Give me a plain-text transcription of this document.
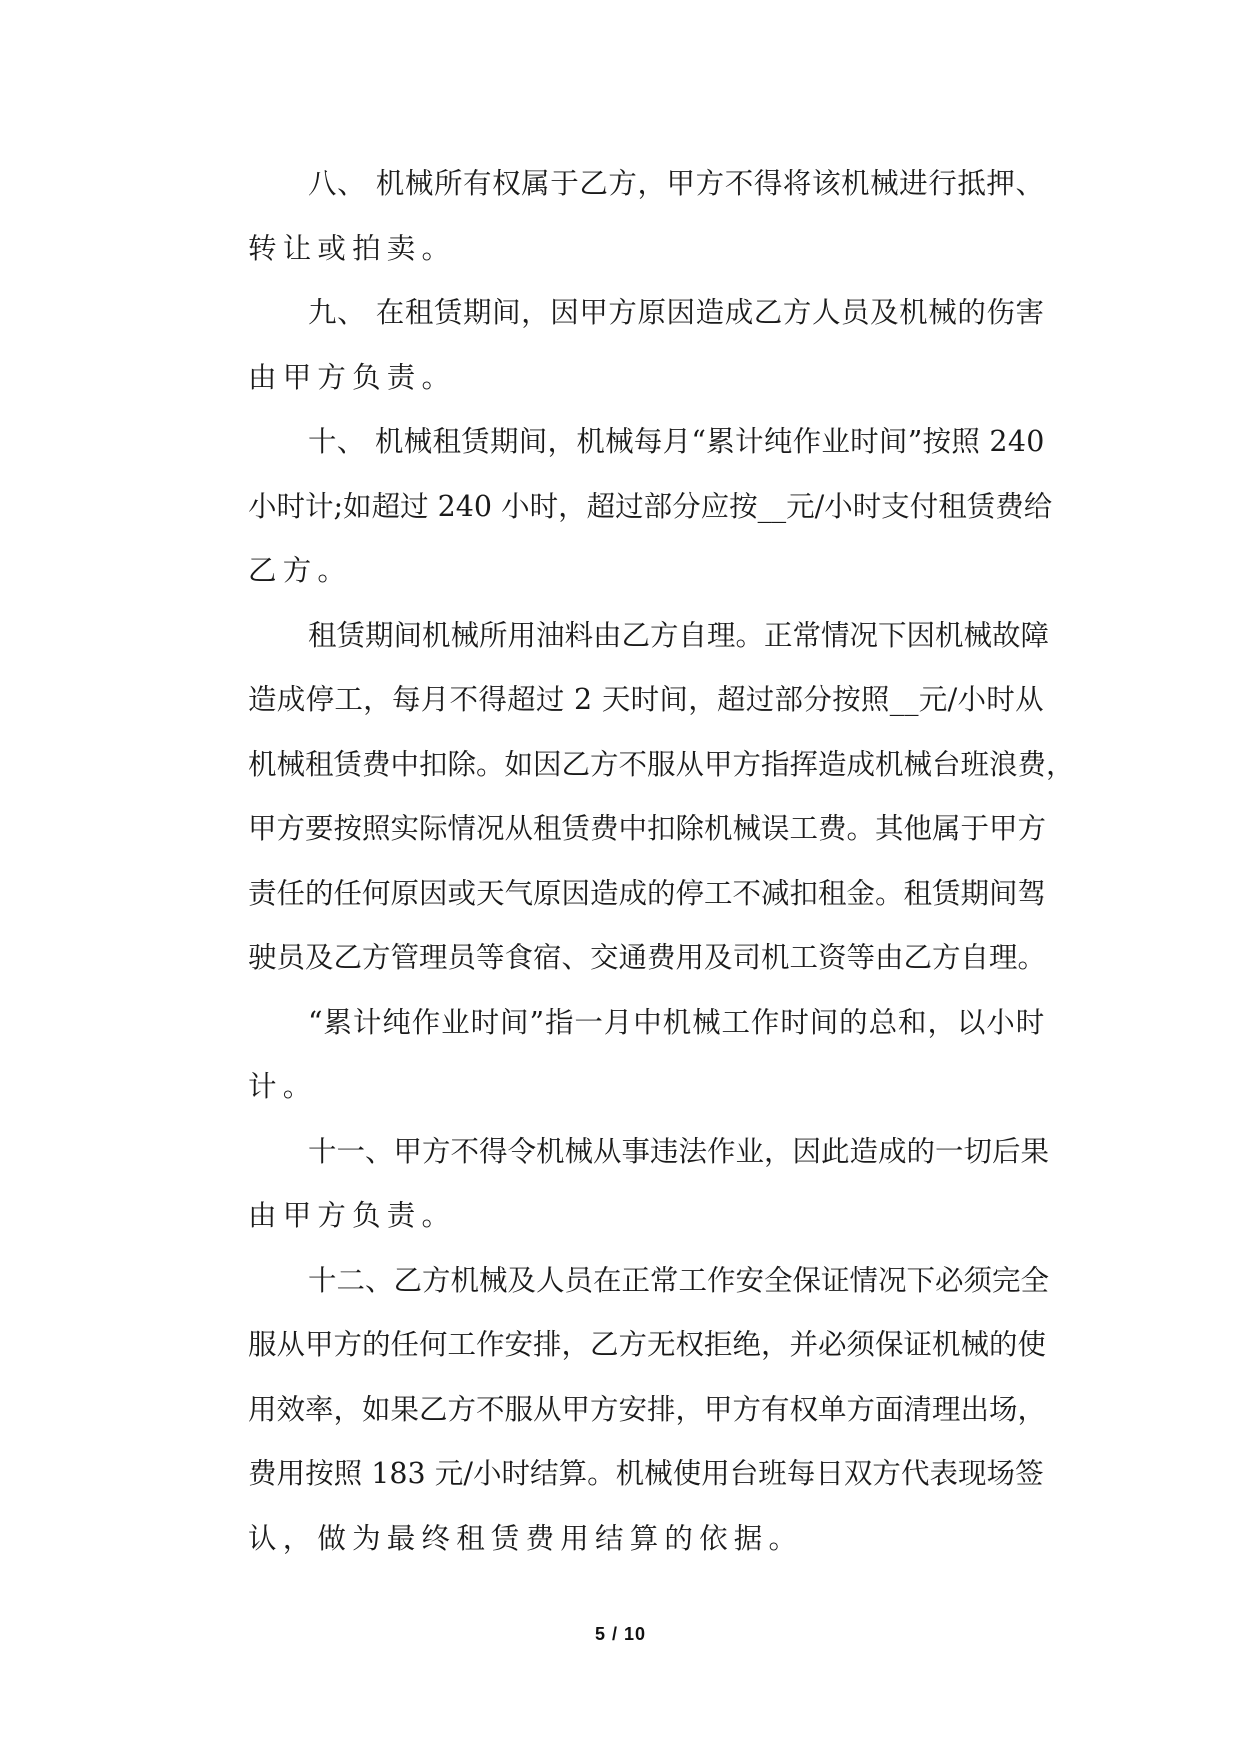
八、 机械所有权属于乙方，甲方不得将该机械进行抵押、
转让或拍卖。
九、 在租赁期间，因甲方原因造成乙方人员及机械的伤害
由甲方负责。
十、 机械租赁期间，机械每月“累计纯作业时间”按照 240
小时计;如超过 240 小时，超过部分应按__元/小时支付租赁费给
乙方。
租赁期间机械所用油料由乙方自理。正常情况下因机械故障
造成停工，每月不得超过 2 天时间，超过部分按照__元/小时从
机械租赁费中扣除。如因乙方不服从甲方指挥造成机械台班浪费，
甲方要按照实际情况从租赁费中扣除机械误工费。其他属于甲方
责任的任何原因或天气原因造成的停工不减扣租金。租赁期间驾
驶员及乙方管理员等食宿、交通费用及司机工资等由乙方自理。
“累计纯作业时间”指一月中机械工作时间的总和，以小时
计。
十一、甲方不得令机械从事违法作业，因此造成的一切后果
由甲方负责。
十二、乙方机械及人员在正常工作安全保证情况下必须完全
服从甲方的任何工作安排，乙方无权拒绝，并必须保证机械的使
用效率，如果乙方不服从甲方安排，甲方有权单方面清理出场，
费用按照 183 元/小时结算。机械使用台班每日双方代表现场签
认，做为最终租赁费用结算的依据。
5 / 10
